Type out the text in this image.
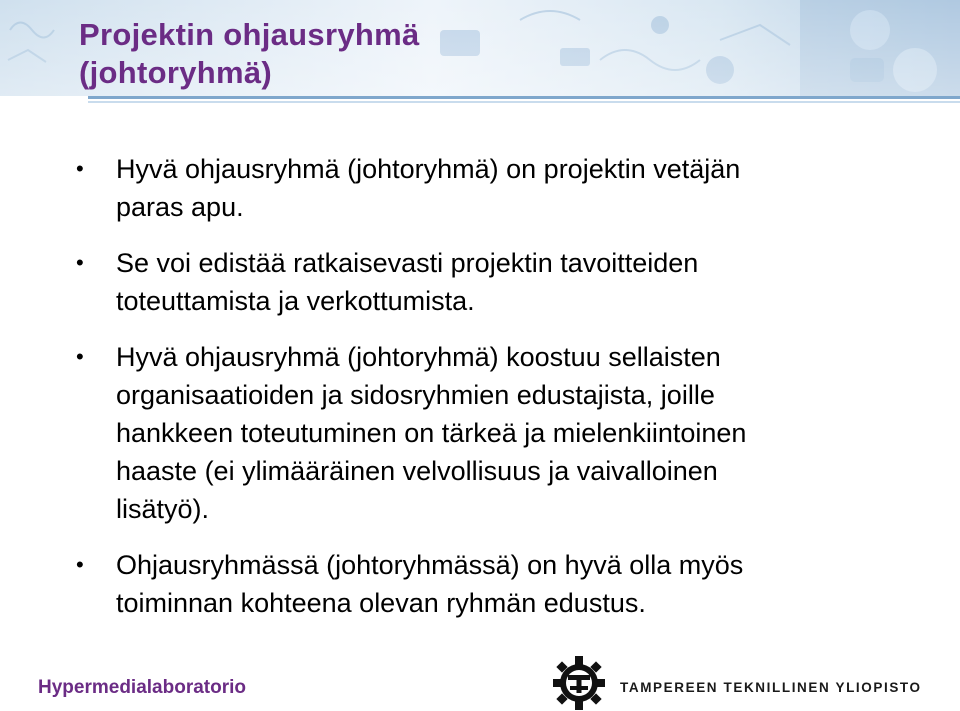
Projektin ohjausryhmä
(johtoryhmä)
• Hyvä ohjausryhmä (johtoryhmä) on projektin vetäjän
paras apu.
• Se voi edistää ratkaisevasti projektin tavoitteiden
toteuttamista ja verkottumista.
• Hyvä ohjausryhmä (johtoryhmä) koostuu sellaisten
organisaatioiden ja sidosryhmien edustajista, joille
hankkeen toteutuminen on tärkeä ja mielenkiintoinen
haaste (ei ylimääräinen velvollisuus ja vaivalloinen
lisätyö).
• Ohjausryhmässä (johtoryhmässä) on hyvä olla myös
toiminnan kohteena olevan ryhmän edustus.
Hypermedialaboratorio	TAMPEREEN TEKNILLINEN YLIOPISTO
